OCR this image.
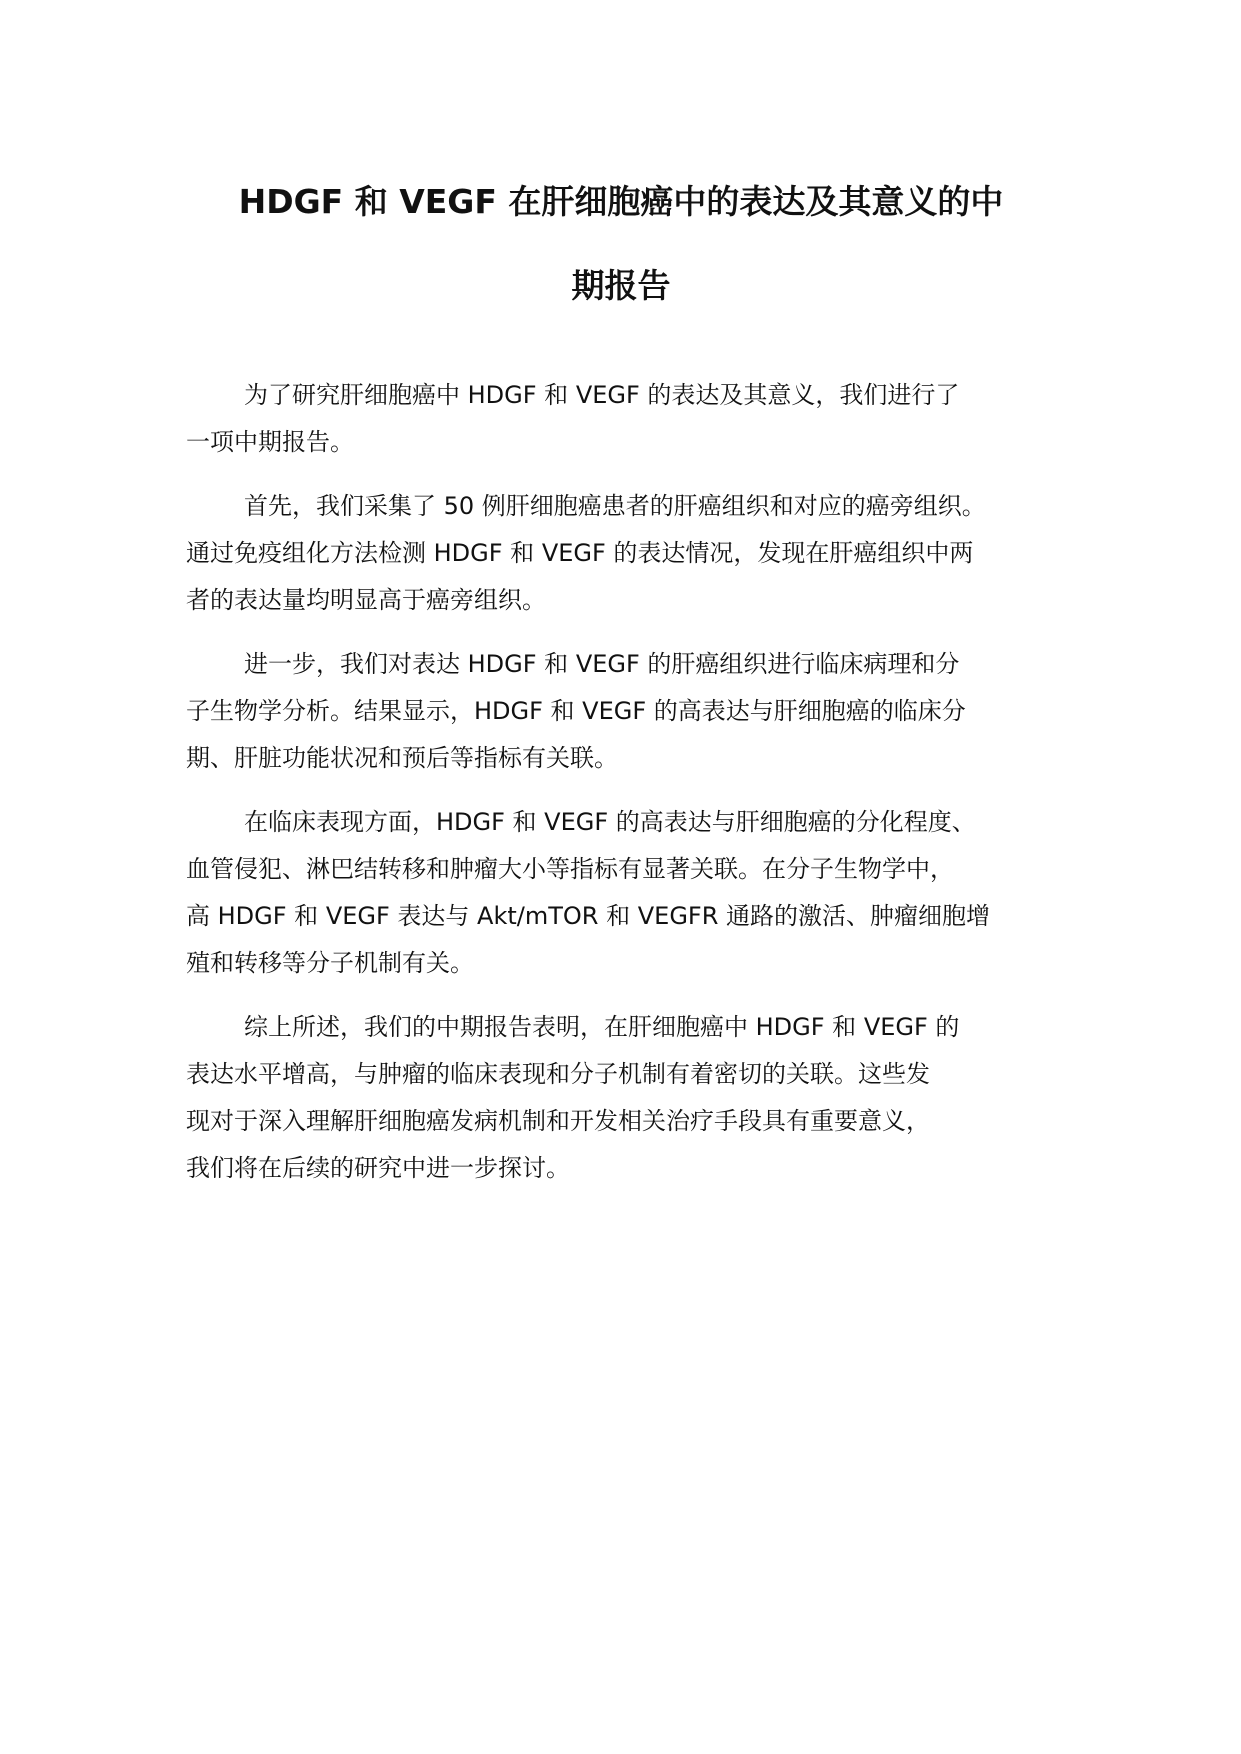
HDGF 和 VEGF 在肝细胞癌中的表达及其意义的中
期报告

为了研究肝细胞癌中 HDGF 和 VEGF 的表达及其意义，我们进行了
一项中期报告。

首先，我们采集了 50 例肝细胞癌患者的肝癌组织和对应的癌旁组织。
通过免疫组化方法检测 HDGF 和 VEGF 的表达情况，发现在肝癌组织中两
者的表达量均明显高于癌旁组织。

进一步，我们对表达 HDGF 和 VEGF 的肝癌组织进行临床病理和分
子生物学分析。结果显示，HDGF 和 VEGF 的高表达与肝细胞癌的临床分
期、肝脏功能状况和预后等指标有关联。

在临床表现方面，HDGF 和 VEGF 的高表达与肝细胞癌的分化程度、
血管侵犯、淋巴结转移和肿瘤大小等指标有显著关联。在分子生物学中，
高 HDGF 和 VEGF 表达与 Akt/mTOR 和 VEGFR 通路的激活、肿瘤细胞增
殖和转移等分子机制有关。

综上所述，我们的中期报告表明，在肝细胞癌中 HDGF 和 VEGF 的
表达水平增高，与肿瘤的临床表现和分子机制有着密切的关联。这些发
现对于深入理解肝细胞癌发病机制和开发相关治疗手段具有重要意义，
我们将在后续的研究中进一步探讨。
